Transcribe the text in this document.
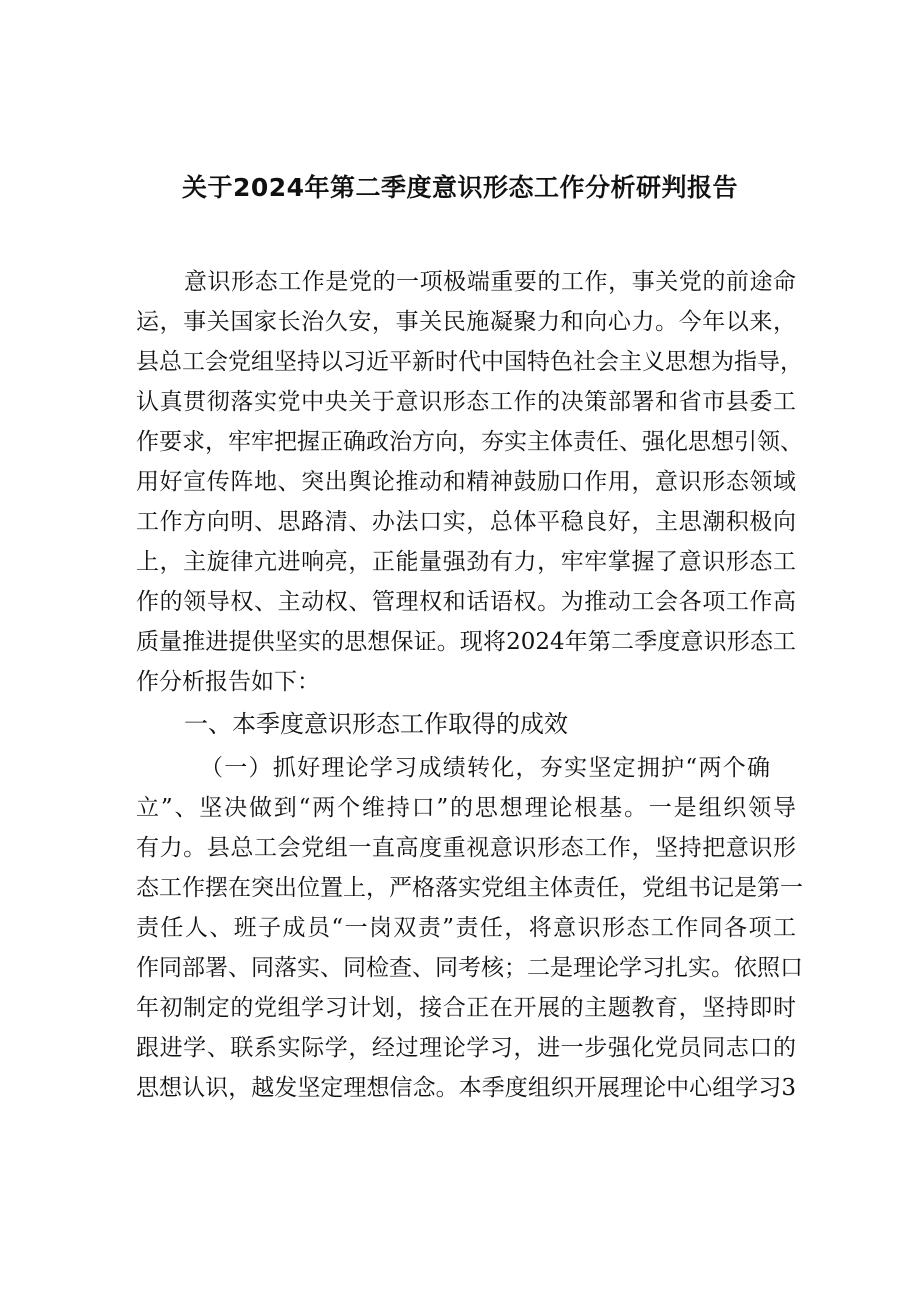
关于2024年第二季度意识形态工作分析研判报告
意识形态工作是党的一项极端重要的工作，事关党的前途命
运，事关国家长治久安，事关民施凝聚力和向心力。今年以来，
县总工会党组坚持以习近平新时代中国特色社会主义思想为指导，
认真贯彻落实党中央关于意识形态工作的决策部署和省市县委工
作要求，牢牢把握正确政治方向，夯实主体责任、强化思想引领、
用好宣传阵地、突出舆论推动和精神鼓励口作用，意识形态领域
工作方向明、思路清、办法口实，总体平稳良好，主思潮积极向
上，主旋律亢进响亮，正能量强劲有力，牢牢掌握了意识形态工
作的领导权、主动权、管理权和话语权。为推动工会各项工作高
质量推进提供坚实的思想保证。现将2024年第二季度意识形态工
作分析报告如下：
一、本季度意识形态工作取得的成效
（一）抓好理论学习成绩转化，夯实坚定拥护“两个确
立”、坚决做到“两个维持口”的思想理论根基。一是组织领导
有力。县总工会党组一直高度重视意识形态工作，坚持把意识形
态工作摆在突出位置上，严格落实党组主体责任，党组书记是第一
责任人、班子成员“一岗双责”责任，将意识形态工作同各项工
作同部署、同落实、同检查、同考核；二是理论学习扎实。依照口
年初制定的党组学习计划，接合正在开展的主题教育，坚持即时
跟进学、联系实际学，经过理论学习，进一步强化党员同志口的
思想认识，越发坚定理想信念。本季度组织开展理论中心组学习3
